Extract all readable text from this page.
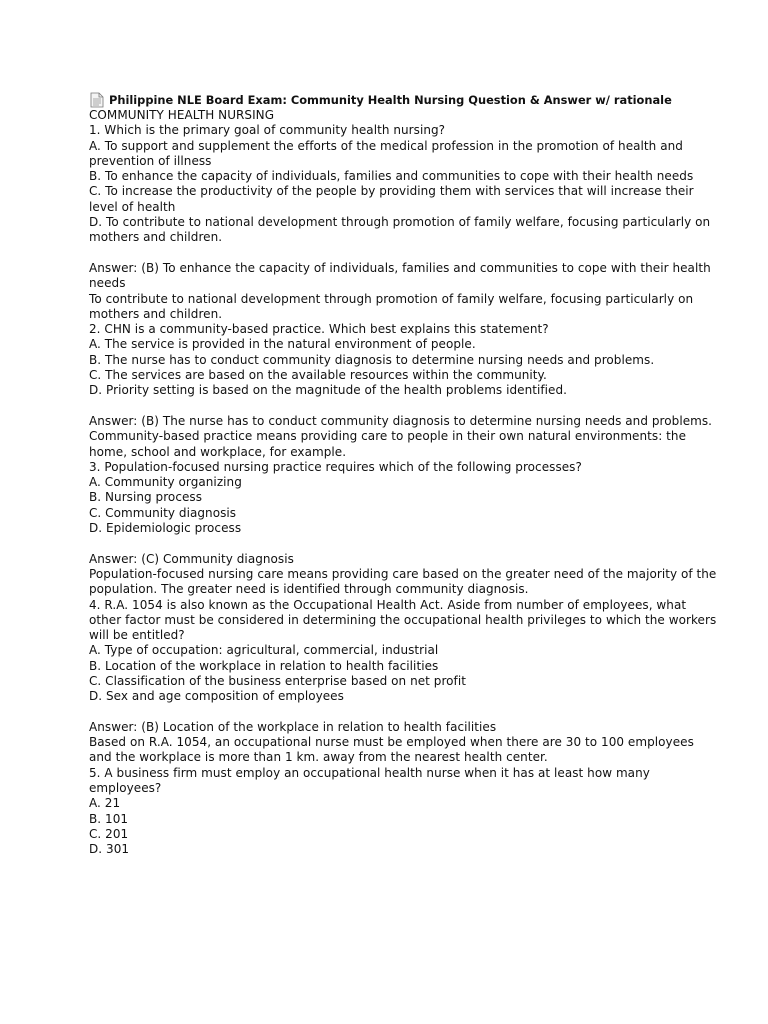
Philippine NLE Board Exam: Community Health Nursing Question & Answer w/ rationale
COMMUNITY HEALTH NURSING
1. Which is the primary goal of community health nursing?
A. To support and supplement the efforts of the medical profession in the promotion of health and prevention of illness
B. To enhance the capacity of individuals, families and communities to cope with their health needs
C. To increase the productivity of the people by providing them with services that will increase their level of health
D. To contribute to national development through promotion of family welfare, focusing particularly on mothers and children.
Answer: (B) To enhance the capacity of individuals, families and communities to cope with their health needs
To contribute to national development through promotion of family welfare, focusing particularly on mothers and children.
2. CHN is a community-based practice. Which best explains this statement?
A. The service is provided in the natural environment of people.
B. The nurse has to conduct community diagnosis to determine nursing needs and problems.
C. The services are based on the available resources within the community.
D. Priority setting is based on the magnitude of the health problems identified.
Answer: (B) The nurse has to conduct community diagnosis to determine nursing needs and problems.
Community-based practice means providing care to people in their own natural environments: the home, school and workplace, for example.
3. Population-focused nursing practice requires which of the following processes?
A. Community organizing
B. Nursing process
C. Community diagnosis
D. Epidemiologic process
Answer: (C) Community diagnosis
Population-focused nursing care means providing care based on the greater need of the majority of the population. The greater need is identified through community diagnosis.
4. R.A. 1054 is also known as the Occupational Health Act. Aside from number of employees, what other factor must be considered in determining the occupational health privileges to which the workers will be entitled?
A. Type of occupation: agricultural, commercial, industrial
B. Location of the workplace in relation to health facilities
C. Classification of the business enterprise based on net profit
D. Sex and age composition of employees
Answer: (B) Location of the workplace in relation to health facilities
Based on R.A. 1054, an occupational nurse must be employed when there are 30 to 100 employees and the workplace is more than 1 km. away from the nearest health center.
5. A business firm must employ an occupational health nurse when it has at least how many employees?
A. 21
B. 101
C. 201
D. 301
